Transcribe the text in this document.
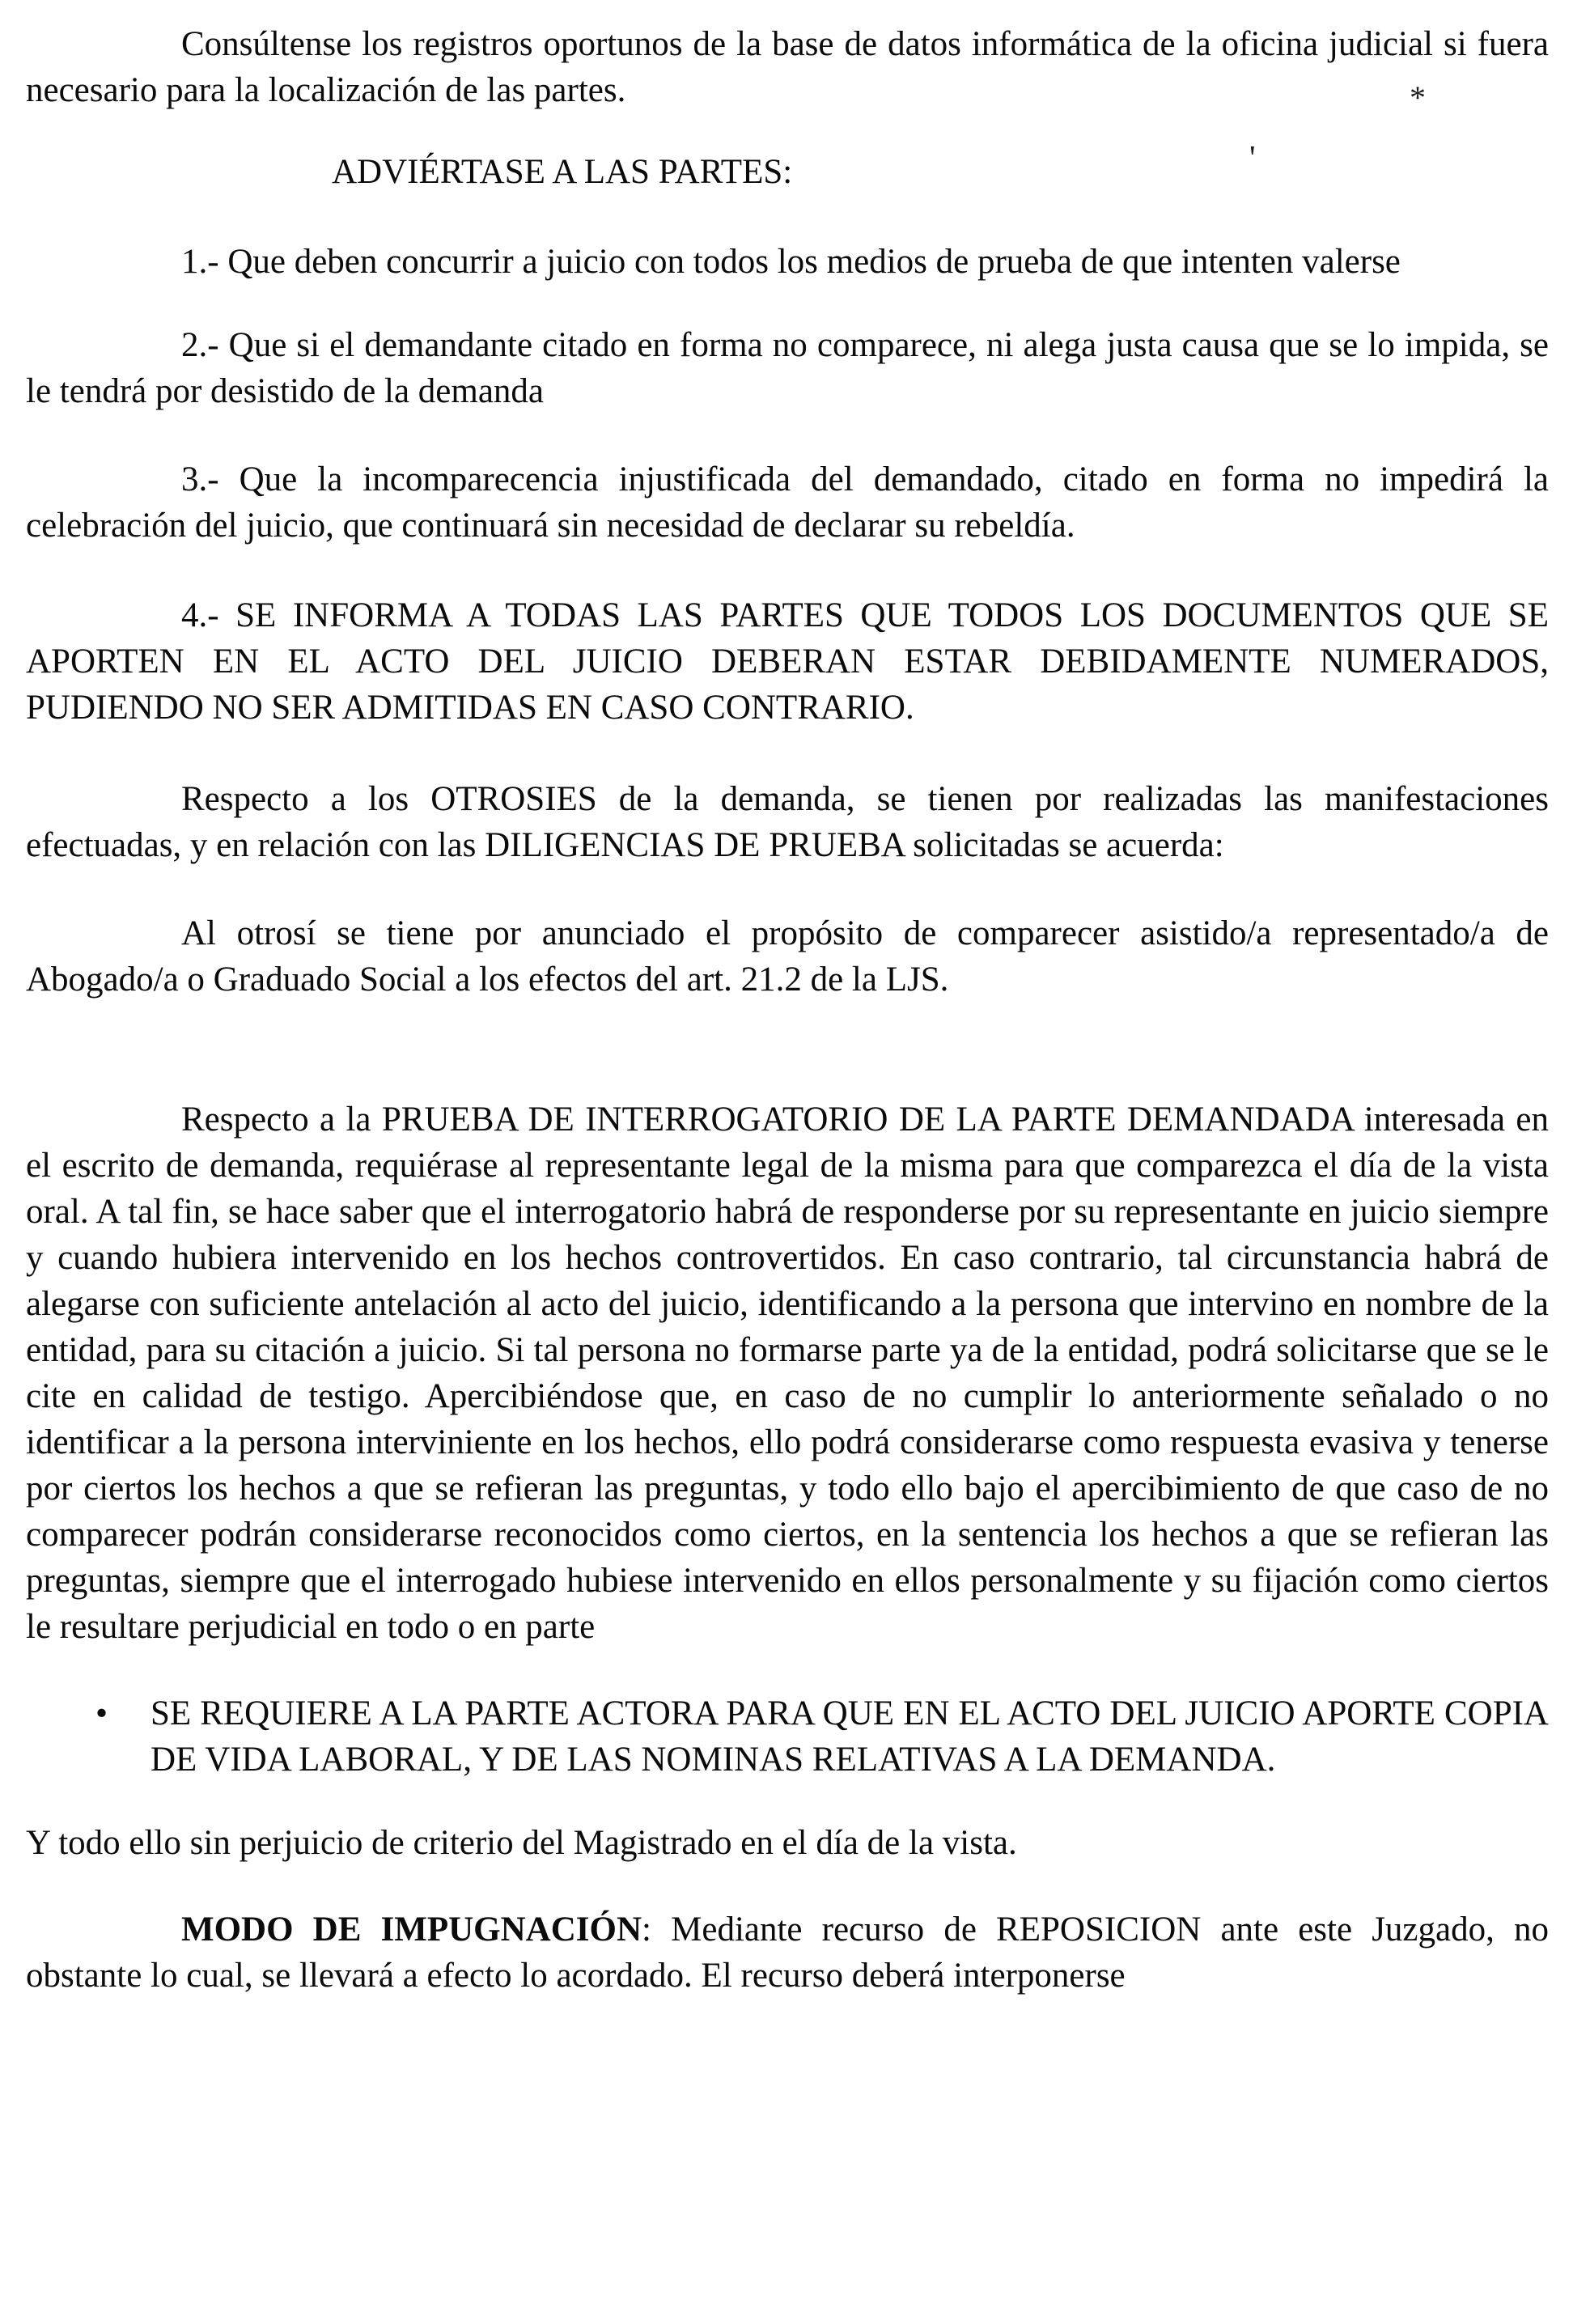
Consúltense los registros oportunos de la base de datos informática de la oficina judicial si fuera necesario para la localización de las partes.

ADVIÉRTASE A LAS PARTES:

1.- Que deben concurrir a juicio con todos los medios de prueba de que intenten valerse

2.- Que si el demandante citado en forma no comparece, ni alega justa causa que se lo impida, se le tendrá por desistido de la demanda

3.- Que la incomparecencia injustificada del demandado, citado en forma no impedirá la celebración del juicio, que continuará sin necesidad de declarar su rebeldía.

4.- SE INFORMA A TODAS LAS PARTES QUE TODOS LOS DOCUMENTOS QUE SE APORTEN EN EL ACTO DEL JUICIO DEBERAN ESTAR DEBIDAMENTE NUMERADOS, PUDIENDO NO SER ADMITIDAS EN CASO CONTRARIO.

Respecto a los OTROSIES de la demanda, se tienen por realizadas las manifestaciones efectuadas, y en relación con las DILIGENCIAS DE PRUEBA solicitadas se acuerda:

Al otrosí se tiene por anunciado el propósito de comparecer asistido/a representado/a de Abogado/a o Graduado Social a los efectos del art. 21.2 de la LJS.

Respecto a la PRUEBA DE INTERROGATORIO DE LA PARTE DEMANDADA interesada en el escrito de demanda, requiérase al representante legal de la misma para que comparezca el día de la vista oral. A tal fin, se hace saber que el interrogatorio habrá de responderse por su representante en juicio siempre y cuando hubiera intervenido en los hechos controvertidos. En caso contrario, tal circunstancia habrá de alegarse con suficiente antelación al acto del juicio, identificando a la persona que intervino en nombre de la entidad, para su citación a juicio. Si tal persona no formarse parte ya de la entidad, podrá solicitarse que se le cite en calidad de testigo. Apercibiéndose que, en caso de no cumplir lo anteriormente señalado o no identificar a la persona interviniente en los hechos, ello podrá considerarse como respuesta evasiva y tenerse por ciertos los hechos a que se refieran las preguntas, y todo ello bajo el apercibimiento de que caso de no comparecer podrán considerarse reconocidos como ciertos, en la sentencia los hechos a que se refieran las preguntas, siempre que el interrogado hubiese intervenido en ellos personalmente y su fijación como ciertos le resultare perjudicial en todo o en parte

• SE REQUIERE A LA PARTE ACTORA PARA QUE EN EL ACTO DEL JUICIO APORTE COPIA DE VIDA LABORAL, Y DE LAS NOMINAS RELATIVAS A LA DEMANDA.

Y todo ello sin perjuicio de criterio del Magistrado en el día de la vista.

MODO DE IMPUGNACIÓN: Mediante recurso de REPOSICION ante este Juzgado, no obstante lo cual, se llevará a efecto lo acordado. El recurso deberá interponerse

*
'
